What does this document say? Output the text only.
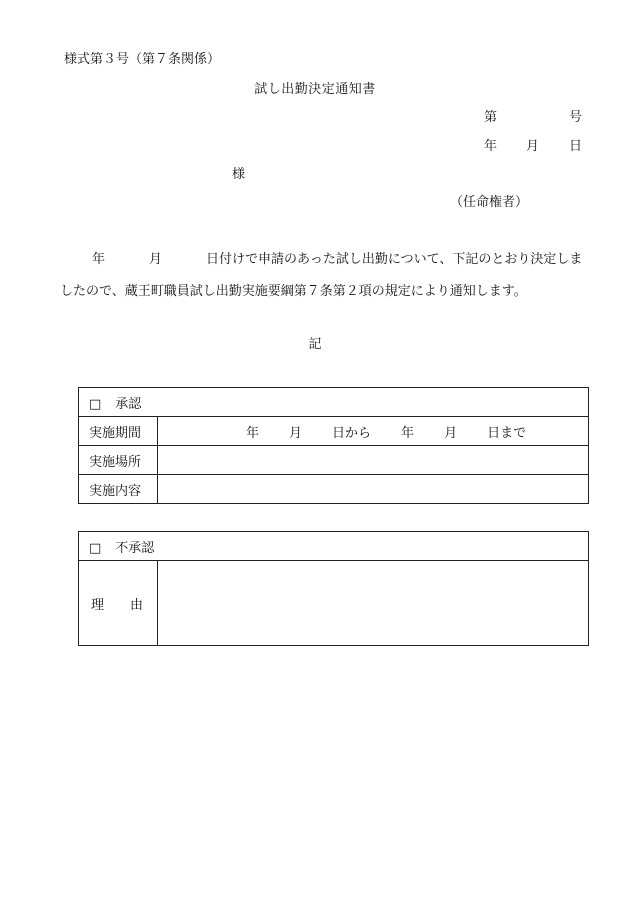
様式第３号（第７条関係）
試し出勤決定通知書
第	号
年 月 日
様
（任命権者）
年	月	日付けで申請のあった試し出勤について、下記のとおり決定しま
したので、蔵王町職員試し出勤実施要綱第７条第２項の規定により通知します。
記
□ 承認	
実施期間	年 月 日から 年 月 日まで
実施場所	
実施内容	
□ 不承認
理 由	
